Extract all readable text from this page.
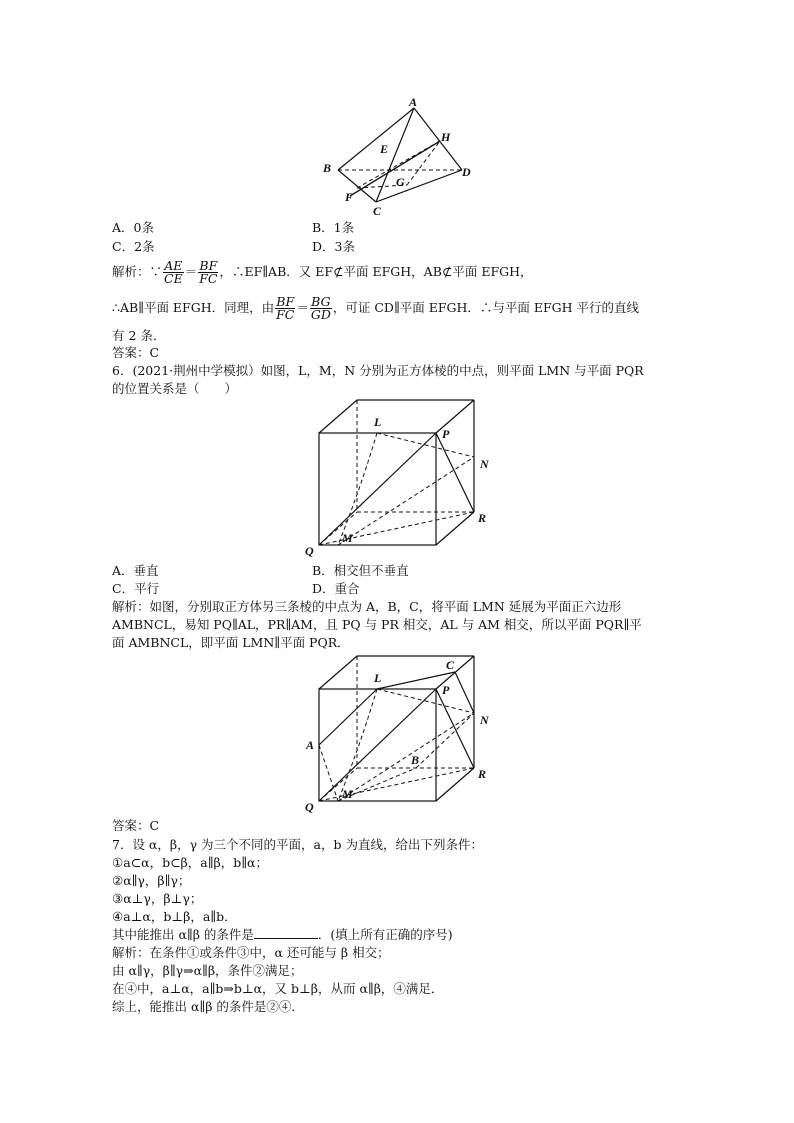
A
H
E
B	D
G
F
C
A．0条	B．1条
C．2条	D．3条
解析：∵ $\frac{AE}{CE} = \frac{BF}{FC}$ ，∴EF∥AB．又 EF⊄平面 EFGH，AB⊄平面 EFGH，
∴AB∥平面 EFGH．同理，由 $\frac{BF}{FC} = \frac{BG}{GD}$ ，可证 CD∥平面 EFGH．∴与平面 EFGH 平行的直线
有 2 条．
答案：C
6．(2021·荆州中学模拟）如图，L，M，N 分别为正方体棱的中点，则平面 LMN 与平面 PQR
的位置关系是（　　）
L
P
N
R
Q
M
A．垂直	B．相交但不垂直
C．平行	D．重合
解析：如图，分别取正方体另三条棱的中点为 A，B，C，将平面 LMN 延展为平面正六边形
AMBNCL，易知 PQ∥AL，PR∥AM，且 PQ 与 PR 相交，AL 与 AM 相交，所以平面 PQR∥平
面 AMBNCL，即平面 LMN∥平面 PQR．
C
L
P
N
A
B
R
Q
M
答案：C
7．设 α，β，γ 为三个不同的平面，a，b 为直线，给出下列条件：
①a⊂α，b⊂β，a∥β，b∥α；
②α∥γ，β∥γ；
③α⊥γ，β⊥γ；
④a⊥α，b⊥β，a∥b．
其中能推出 α∥β 的条件是	．(填上所有正确的序号)
解析：在条件①或条件③中，α 还可能与 β 相交；
由 α∥γ，β∥γ⇒α∥β，条件②满足；
在④中，a⊥α，a∥b⇒b⊥α，又 b⊥β，从而 α∥β，④满足．
综上，能推出 α∥β 的条件是②④．
